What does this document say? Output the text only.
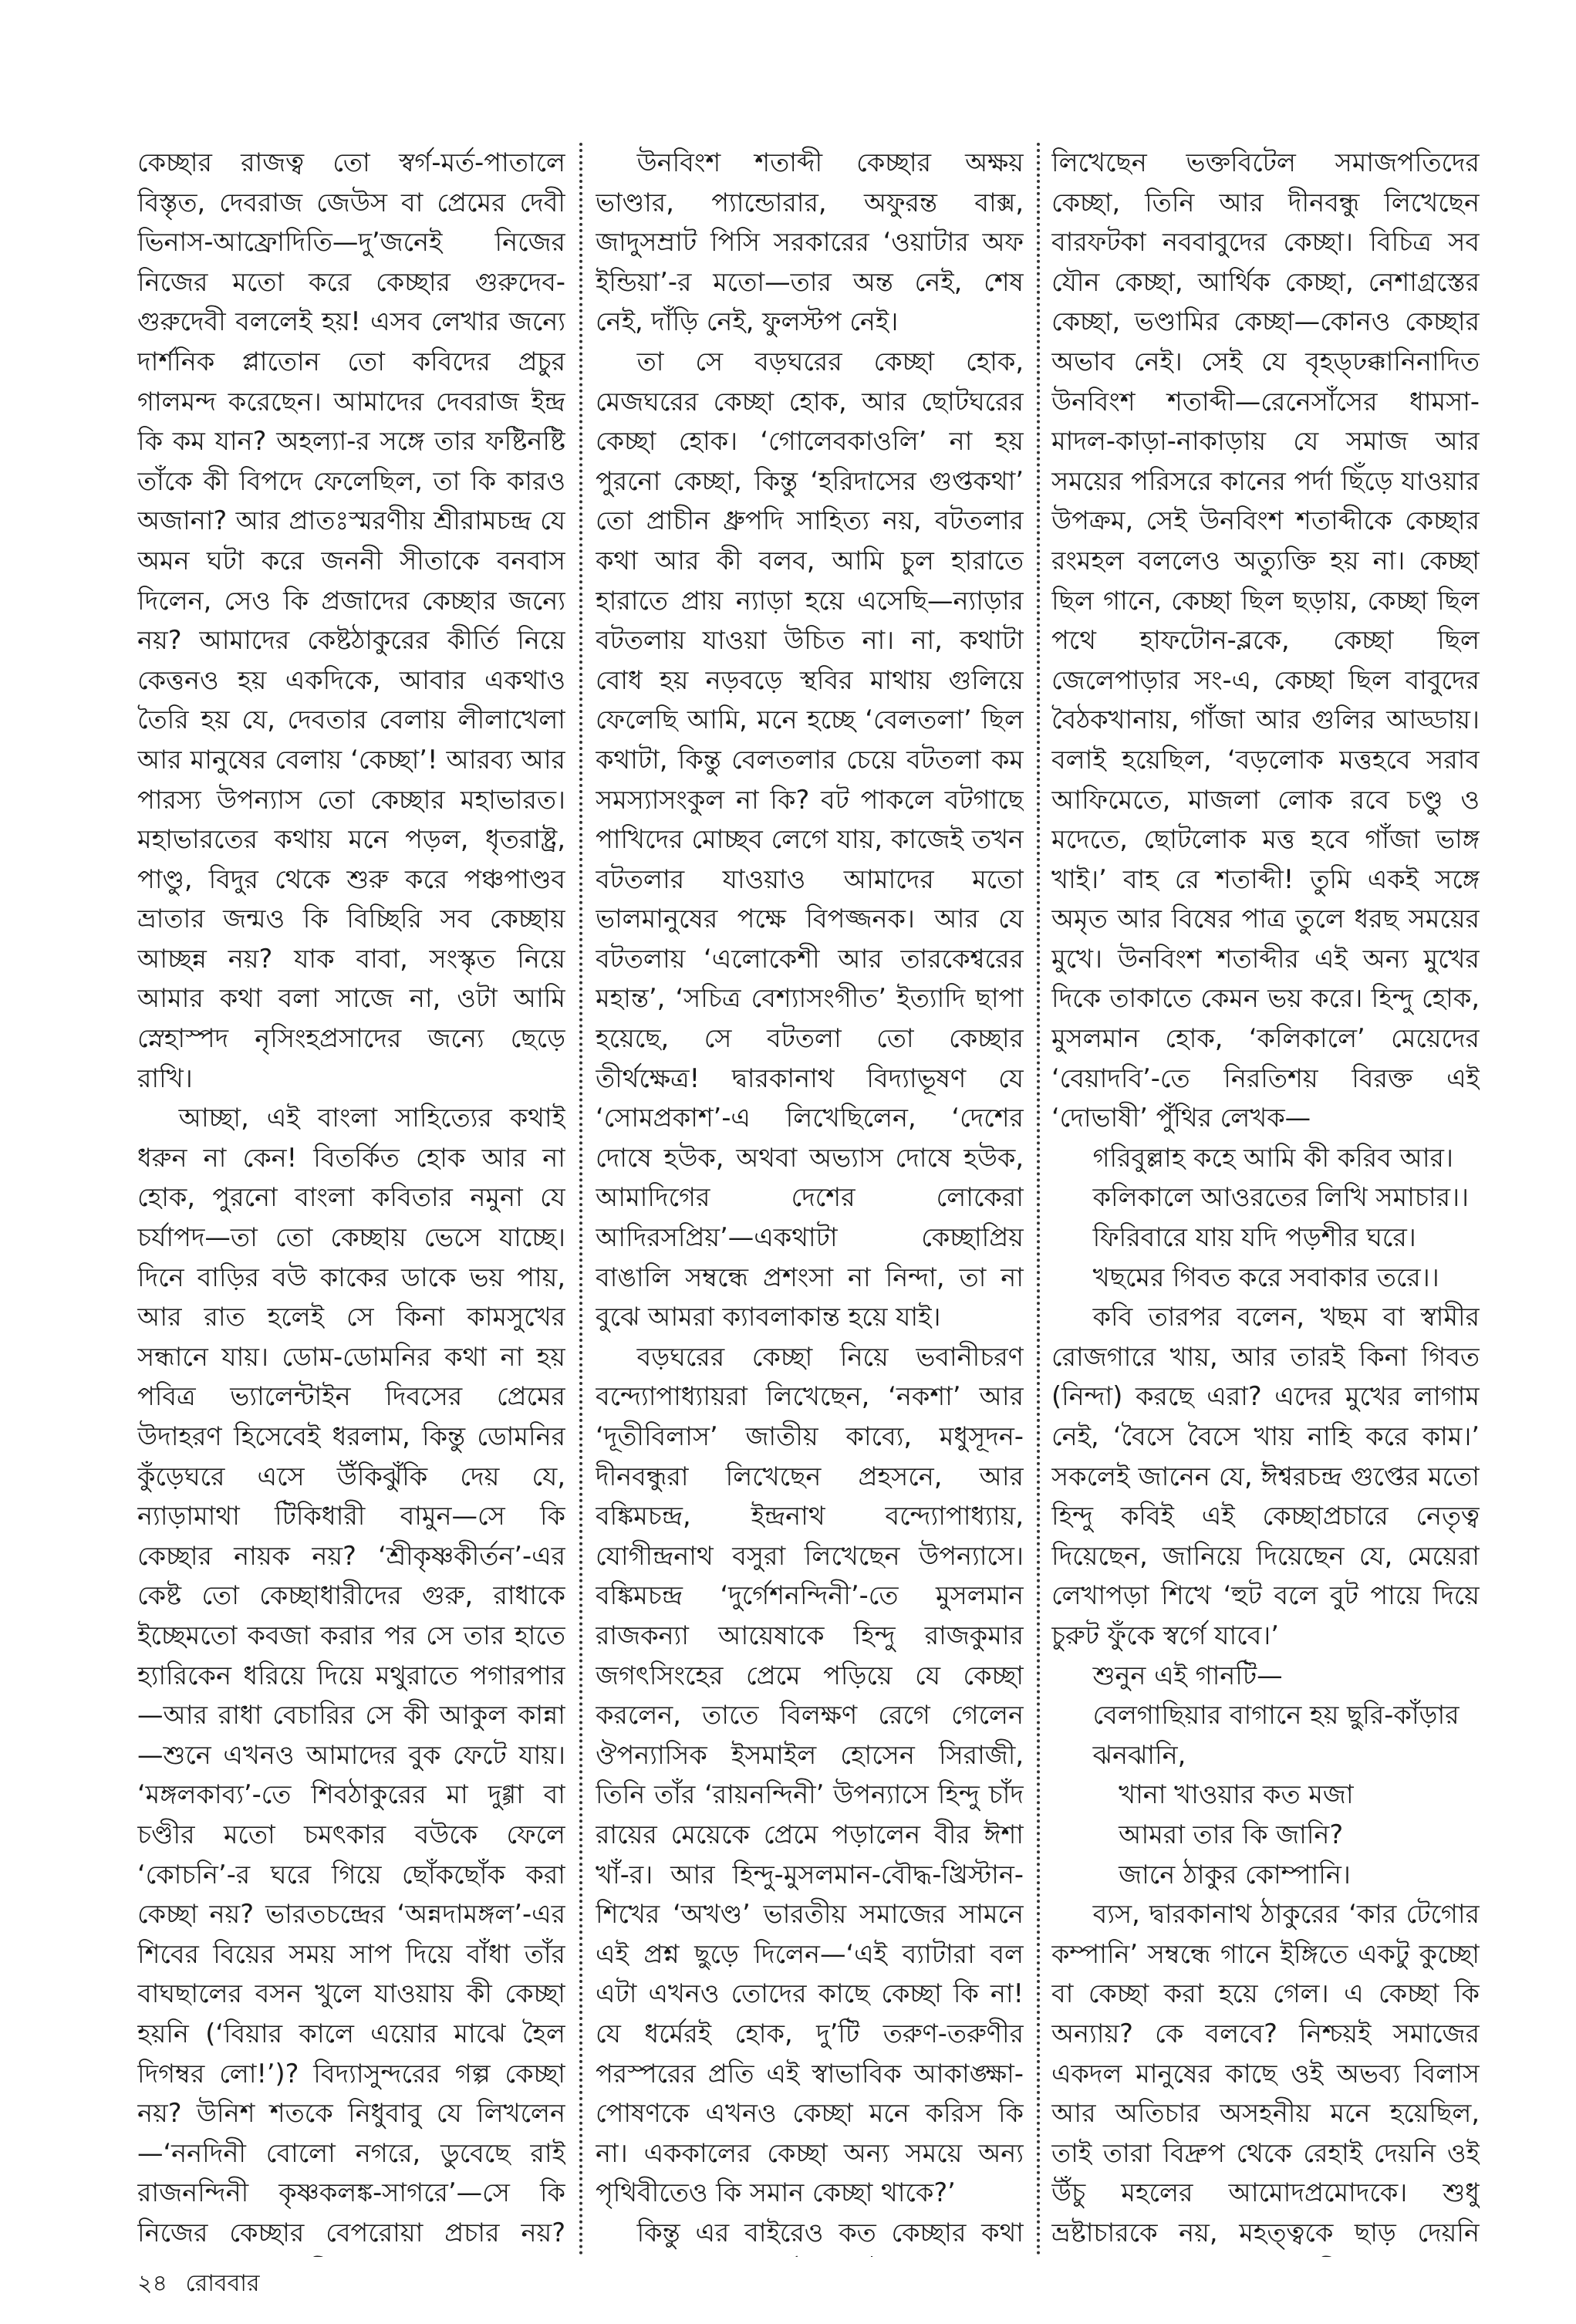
কেচ্ছার রাজত্ব তো স্বর্গ-মর্ত-পাতালে বিস্তৃত, দেবরাজ জেউস বা প্রেমের দেবী ভিনাস-আফ্রোদিতি—দু’জনেই নিজের নিজের মতো করে কেচ্ছার গুরুদেব-গুরুদেবী বললেই হয়! এসব লেখার জন্যে দার্শনিক প্লাতোন তো কবিদের প্রচুর গালমন্দ করেছেন। আমাদের দেবরাজ ইন্দ্র কি কম যান? অহল্যা-র সঙ্গে তার ফষ্টিনষ্টি তাঁকে কী বিপদে ফেলেছিল, তা কি কারও অজানা? আর প্রাতঃস্মরণীয় শ্রীরামচন্দ্র যে অমন ঘটা করে জননী সীতাকে বনবাস দিলেন, সেও কি প্রজাদের কেচ্ছার জন্যে নয়? আমাদের কেষ্টঠাকুরের কীর্তি নিয়ে কেত্তনও হয় একদিকে, আবার একথাও তৈরি হয় যে, দেবতার বেলায় লীলাখেলা আর মানুষের বেলায় ‘কেচ্ছা’! আরব্য আর পারস্য উপন্যাস তো কেচ্ছার মহাভারত। মহাভারতের কথায় মনে পড়ল, ধৃতরাষ্ট্র, পাণ্ডু, বিদুর থেকে শুরু করে পঞ্চপাণ্ডব ভ্রাতার জন্মও কি বিচ্ছিরি সব কেচ্ছায় আচ্ছন্ন নয়? যাক বাবা, সংস্কৃত নিয়ে আমার কথা বলা সাজে না, ওটা আমি স্নেহাস্পদ নৃসিংহপ্রসাদের জন্যে ছেড়ে রাখি।

আচ্ছা, এই বাংলা সাহিত্যের কথাই ধরুন না কেন! বিতর্কিত হোক আর না হোক, পুরনো বাংলা কবিতার নমুনা যে চর্যাপদ—তা তো কেচ্ছায় ভেসে যাচ্ছে। দিনে বাড়ির বউ কাকের ডাকে ভয় পায়, আর রাত হলেই সে কিনা কামসুখের সন্ধানে যায়। ডোম-ডোমনির কথা না হয় পবিত্র ভ্যালেন্টাইন দিবসের প্রেমের উদাহরণ হিসেবেই ধরলাম, কিন্তু ডোমনির কুঁড়েঘরে এসে উঁকিঝুঁকি দেয় যে, ন্যাড়ামাথা টিকিধারী বামুন—সে কি কেচ্ছার নায়ক নয়? ‘শ্রীকৃষ্ণকীর্তন’-এর কেষ্ট তো কেচ্ছাধারীদের গুরু, রাধাকে ইচ্ছেমতো কবজা করার পর সে তার হাতে হ্যারিকেন ধরিয়ে দিয়ে মথুরাতে পগারপার—আর রাধা বেচারির সে কী আকুল কান্না—শুনে এখনও আমাদের বুক ফেটে যায়। ‘মঙ্গলকাব্য’-তে শিবঠাকুরের মা দুগ্গা বা চণ্ডীর মতো চমৎকার বউকে ফেলে ‘কোচনি’-র ঘরে গিয়ে ছোঁকছোঁক করা কেচ্ছা নয়? ভারতচন্দ্রের ‘অন্নদামঙ্গল’-এর শিবের বিয়ের সময় সাপ দিয়ে বাঁধা তাঁর বাঘছালের বসন খুলে যাওয়ায় কী কেচ্ছা হয়নি (‘বিয়ার কালে এয়োর মাঝে হৈল দিগম্বর লো!’)? বিদ্যাসুন্দরের গল্প কেচ্ছা নয়? উনিশ শতকে নিধুবাবু যে লিখলেন—‘ননদিনী বোলো নগরে, ডুবেছে রাই রাজনন্দিনী কৃষ্ণকলঙ্ক-সাগরে’—সে কি নিজের কেচ্ছার বেপরোয়া প্রচার নয়?

উনবিংশ শতাব্দী কেচ্ছার অক্ষয় ভাণ্ডার, প্যান্ডোরার, অফুরন্ত বাক্স, জাদুসম্রাট পিসি সরকারের ‘ওয়াটার অফ ইন্ডিয়া’-র মতো—তার অন্ত নেই, শেষ নেই, দাঁড়ি নেই, ফুলস্টপ নেই।

তা সে বড়ঘরের কেচ্ছা হোক, মেজঘরের কেচ্ছা হোক, আর ছোটঘরের কেচ্ছা হোক। ‘গোলেবকাওলি’ না হয় পুরনো কেচ্ছা, কিন্তু ‘হরিদাসের গুপ্তকথা’ তো প্রাচীন ধ্রুপদি সাহিত্য নয়, বটতলার কথা আর কী বলব, আমি চুল হারাতে হারাতে প্রায় ন্যাড়া হয়ে এসেছি—ন্যাড়ার বটতলায় যাওয়া উচিত না। না, কথাটা বোধ হয় নড়বড়ে স্থবির মাথায় গুলিয়ে ফেলেছি আমি, মনে হচ্ছে ‘বেলতলা’ ছিল কথাটা, কিন্তু বেলতলার চেয়ে বটতলা কম সমস্যাসংকুল না কি? বট পাকলে বটগাছে পাখিদের মোচ্ছব লেগে যায়, কাজেই তখন বটতলার যাওয়াও আমাদের মতো ভালমানুষের পক্ষে বিপজ্জনক। আর যে বটতলায় ‘এলোকেশী আর তারকেশ্বরের মহান্ত’, ‘সচিত্র বেশ্যাসংগীত’ ইত্যাদি ছাপা হয়েছে, সে বটতলা তো কেচ্ছার তীর্থক্ষেত্র! দ্বারকানাথ বিদ্যাভূষণ যে ‘সোমপ্রকাশ’-এ লিখেছিলেন, ‘দেশের দোষে হউক, অথবা অভ্যাস দোষে হউক, আমাদিগের দেশের লোকেরা আদিরসপ্রিয়’—একথাটা কেচ্ছাপ্রিয় বাঙালি সম্বন্ধে প্রশংসা না নিন্দা, তা না বুঝে আমরা ক্যাবলাকান্ত হয়ে যাই।

বড়ঘরের কেচ্ছা নিয়ে ভবানীচরণ বন্দ্যোপাধ্যায়রা লিখেছেন, ‘নকশা’ আর ‘দূতীবিলাস’ জাতীয় কাব্যে, মধুসূদন-দীনবন্ধুরা লিখেছেন প্রহসনে, আর বঙ্কিমচন্দ্র, ইন্দ্রনাথ বন্দ্যোপাধ্যায়, যোগীন্দ্রনাথ বসুরা লিখেছেন উপন্যাসে। বঙ্কিমচন্দ্র ‘দুর্গেশনন্দিনী’-তে মুসলমান রাজকন্যা আয়েষাকে হিন্দু রাজকুমার জগৎসিংহের প্রেমে পড়িয়ে যে কেচ্ছা করলেন, তাতে বিলক্ষণ রেগে গেলেন ঔপন্যাসিক ইসমাইল হোসেন সিরাজী, তিনি তাঁর ‘রায়নন্দিনী’ উপন্যাসে হিন্দু চাঁদ রায়ের মেয়েকে প্রেমে পড়ালেন বীর ঈশা খাঁ-র। আর হিন্দু-মুসলমান-বৌদ্ধ-খ্রিস্টান-শিখের ‘অখণ্ড’ ভারতীয় সমাজের সামনে এই প্রশ্ন ছুড়ে দিলেন—‘এই ব্যাটারা বল এটা এখনও তোদের কাছে কেচ্ছা কি না! যে ধর্মেরই হোক, দু’টি তরুণ-তরুণীর পরস্পরের প্রতি এই স্বাভাবিক আকাঙ্ক্ষা-পোষণকে এখনও কেচ্ছা মনে করিস কি না। এককালের কেচ্ছা অন্য সময়ে অন্য পৃথিবীতেও কি সমান কেচ্ছা থাকে?’

কিন্তু এর বাইরেও কত কেচ্ছার কথা

লিখেছেন ভক্তবিটেল সমাজপতিদের কেচ্ছা, তিনি আর দীনবন্ধু লিখেছেন বারফটকা নববাবুদের কেচ্ছা। বিচিত্র সব যৌন কেচ্ছা, আর্থিক কেচ্ছা, নেশাগ্রস্তের কেচ্ছা, ভণ্ডামির কেচ্ছা—কোনও কেচ্ছার অভাব নেই। সেই যে বৃহড্ঢক্কানিনাদিত উনবিংশ শতাব্দী—রেনেসাঁসের ধামসা-মাদল-কাড়া-নাকাড়ায় যে সমাজ আর সময়ের পরিসরে কানের পর্দা ছিঁড়ে যাওয়ার উপক্রম, সেই উনবিংশ শতাব্দীকে কেচ্ছার রংমহল বললেও অত্যুক্তি হয় না। কেচ্ছা ছিল গানে, কেচ্ছা ছিল ছড়ায়, কেচ্ছা ছিল পথে হাফটোন-ব্লকে, কেচ্ছা ছিল জেলেপাড়ার সং-এ, কেচ্ছা ছিল বাবুদের বৈঠকখানায়, গাঁজা আর গুলির আড্ডায়। বলাই হয়েছিল, ‘বড়লোক মত্তহবে সরাব আফিমেতে, মাজলা লোক রবে চণ্ডু ও মদেতে, ছোটলোক মত্ত হবে গাঁজা ভাঙ্গ খাই।’ বাহ রে শতাব্দী! তুমি একই সঙ্গে অমৃত আর বিষের পাত্র তুলে ধরছ সময়ের মুখে। উনবিংশ শতাব্দীর এই অন্য মুখের দিকে তাকাতে কেমন ভয় করে। হিন্দু হোক, মুসলমান হোক, ‘কলিকালে’ মেয়েদের ‘বেয়াদবি’-তে নিরতিশয় বিরক্ত এই ‘দোভাষী’ পুঁথির লেখক—

গরিবুল্লাহ কহে আমি কী করিব আর।

কলিকালে আওরতের লিখি সমাচার।।

ফিরিবারে যায় যদি পড়শীর ঘরে।

খছমের গিবত করে সবাকার তরে।।

কবি তারপর বলেন, খছম বা স্বামীর রোজগারে খায়, আর তারই কিনা গিবত (নিন্দা) করছে এরা? এদের মুখের লাগাম নেই, ‘বৈসে বৈসে খায় নাহি করে কাম।’ সকলেই জানেন যে, ঈশ্বরচন্দ্র গুপ্তের মতো হিন্দু কবিই এই কেচ্ছাপ্রচারে নেতৃত্ব দিয়েছেন, জানিয়ে দিয়েছেন যে, মেয়েরা লেখাপড়া শিখে ‘হুট বলে বুট পায়ে দিয়ে চুরুট ফুঁকে স্বর্গে যাবে।’

শুনুন এই গানটি—

বেলগাছিয়ার বাগানে হয় ছুরি-কাঁড়ার ঝনঝানি,

খানা খাওয়ার কত মজা

আমরা তার কি জানি?

জানে ঠাকুর কোম্পানি।

ব্যস, দ্বারকানাথ ঠাকুরের ‘কার টেগোর কম্পানি’ সম্বন্ধে গানে ইঙ্গিতে একটু কুচ্ছো বা কেচ্ছা করা হয়ে গেল। এ কেচ্ছা কি অন্যায়? কে বলবে? নিশ্চয়ই সমাজের একদল মানুষের কাছে ওই অভব্য বিলাস আর অতিচার অসহনীয় মনে হয়েছিল, তাই তারা বিদ্রুপ থেকে রেহাই দেয়নি ওই উঁচু মহলের আমোদপ্রমোদকে। শুধু ভ্রষ্টাচারকে নয়, মহত্ত্বকে ছাড় দেয়নি

২৪ রোববার
